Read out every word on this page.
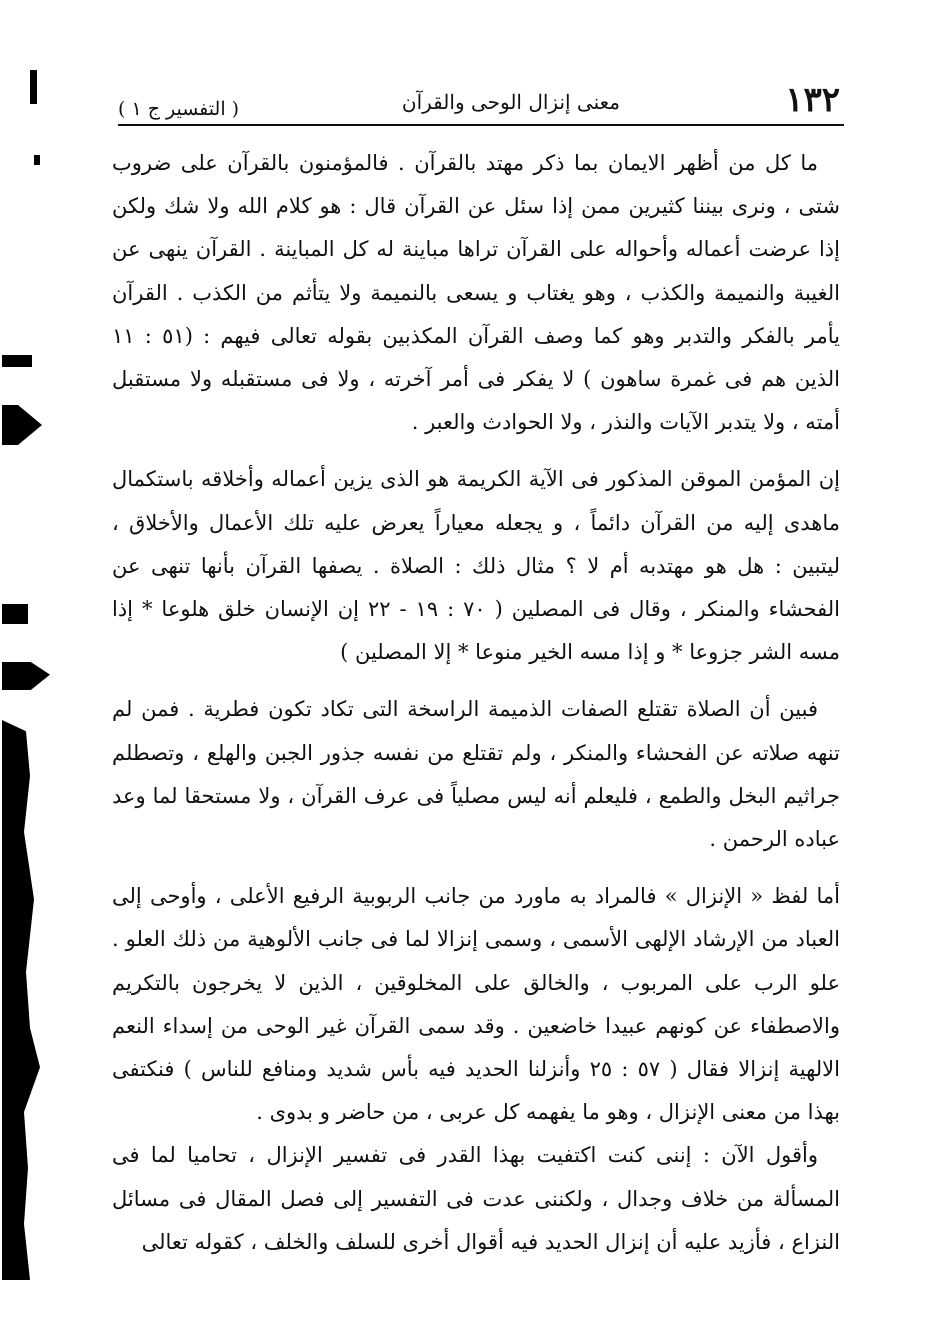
١٣٢
معنى إنزال الوحى والقرآن
( التفسير ج ١ )

ما كل من أظهر الايمان بما ذكر مهتد بالقرآن . فالمؤمنون بالقرآن على ضروب شتى ، ونرى بيننا كثيرين ممن إذا سئل عن القرآن قال : هو كلام الله ولا شك ولكن إذا عرضت أعماله وأحواله على القرآن تراها مباينة له كل المباينة . القرآن ينهى عن الغيبة والنميمة والكذب ، وهو يغتاب و يسعى بالنميمة ولا يتأثم من الكذب . القرآن يأمر بالفكر والتدبر وهو كما وصف القرآن المكذبين بقوله تعالى فيهم : (٥١ : ١١ الذين هم فى غمرة ساهون ) لا يفكر فى أمر آخرته ، ولا فى مستقبله ولا مستقبل أمته ، ولا يتدبر الآيات والنذر ، ولا الحوادث والعبر .

إن المؤمن الموقن المذكور فى الآية الكريمة هو الذى يزين أعماله وأخلاقه باستكمال ماهدى إليه من القرآن دائماً ، و يجعله معياراً يعرض عليه تلك الأعمال والأخلاق ، ليتبين : هل هو مهتدبه أم لا ؟ مثال ذلك : الصلاة . يصفها القرآن بأنها تنهى عن الفحشاء والمنكر ، وقال فى المصلين ( ٧٠ : ١٩ - ٢٢ إن الإنسان خلق هلوعا * إذا مسه الشر جزوعا * و إذا مسه الخير منوعا * إلا المصلين )

فبين أن الصلاة تقتلع الصفات الذميمة الراسخة التى تكاد تكون فطرية . فمن لم تنهه صلاته عن الفحشاء والمنكر ، ولم تقتلع من نفسه جذور الجبن والهلع ، وتصطلم جراثيم البخل والطمع ، فليعلم أنه ليس مصلياً فى عرف القرآن ، ولا مستحقا لما وعد عباده الرحمن .

أما لفظ « الإنزال » فالمراد به ماورد من جانب الربوبية الرفيع الأعلى ، وأوحى إلى العباد من الإرشاد الإلهى الأسمى ، وسمى إنزالا لما فى جانب الألوهية من ذلك العلو . علو الرب على المربوب ، والخالق على المخلوقين ، الذين لا يخرجون بالتكريم والاصطفاء عن كونهم عبيدا خاضعين . وقد سمى القرآن غير الوحى من إسداء النعم الالهية إنزالا فقال ( ٥٧ : ٢٥ وأنزلنا الحديد فيه بأس شديد ومنافع للناس ) فنكتفى بهذا من معنى الإنزال ، وهو ما يفهمه كل عربى ، من حاضر و بدوى .

وأقول الآن : إننى كنت اكتفيت بهذا القدر فى تفسير الإنزال ، تحاميا لما فى المسألة من خلاف وجدال ، ولكننى عدت فى التفسير إلى فصل المقال فى مسائل النزاع ، فأزيد عليه أن إنزال الحديد فيه أقوال أخرى للسلف والخلف ، كقوله تعالى
